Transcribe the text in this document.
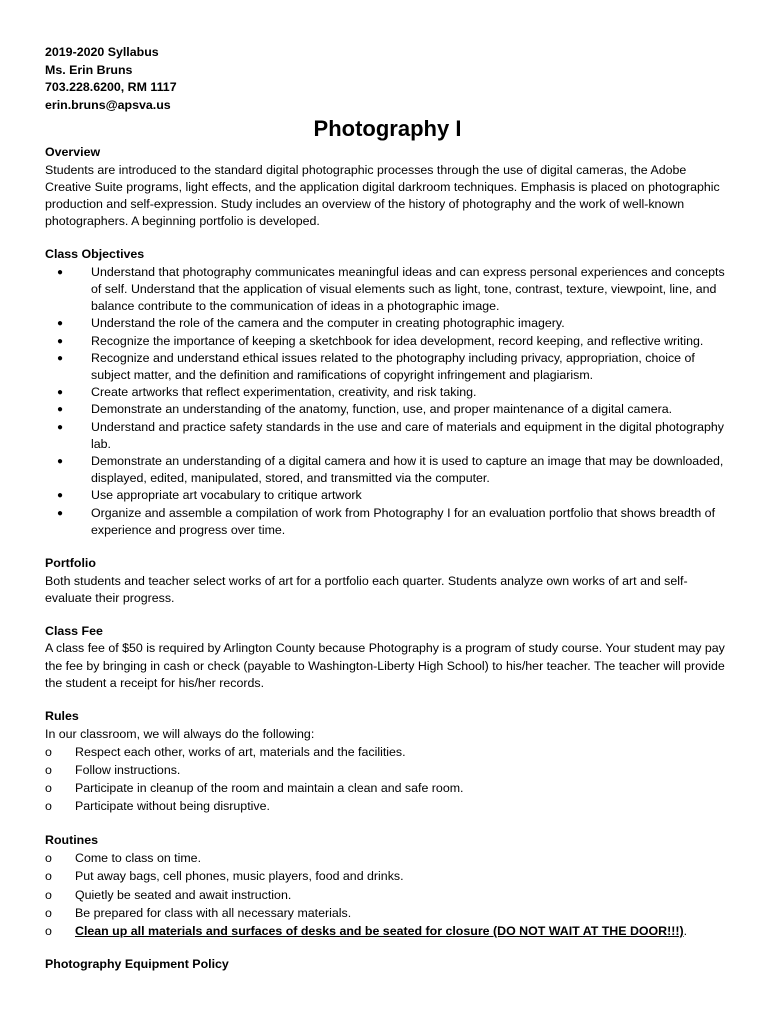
2019-2020 Syllabus
Ms. Erin Bruns
703.228.6200, RM 1117
erin.bruns@apsva.us
Photography I
Overview
Students are introduced to the standard digital photographic processes through the use of digital cameras, the Adobe Creative Suite programs, light effects, and the application digital darkroom techniques. Emphasis is placed on photographic production and self-expression. Study includes an overview of the history of photography and the work of well-known photographers. A beginning portfolio is developed.
Class Objectives
● Understand that photography communicates meaningful ideas and can express personal experiences and concepts of self. Understand that the application of visual elements such as light, tone, contrast, texture, viewpoint, line, and balance contribute to the communication of ideas in a photographic image.
● Understand the role of the camera and the computer in creating photographic imagery.
● Recognize the importance of keeping a sketchbook for idea development, record keeping, and reflective writing.
● Recognize and understand ethical issues related to the photography including privacy, appropriation, choice of subject matter, and the definition and ramifications of copyright infringement and plagiarism.
● Create artworks that reflect experimentation, creativity, and risk taking.
● Demonstrate an understanding of the anatomy, function, use, and proper maintenance of a digital camera.
● Understand and practice safety standards in the use and care of materials and equipment in the digital photography lab.
● Demonstrate an understanding of a digital camera and how it is used to capture an image that may be downloaded, displayed, edited, manipulated, stored, and transmitted via the computer.
● Use appropriate art vocabulary to critique artwork
● Organize and assemble a compilation of work from Photography I for an evaluation portfolio that shows breadth of experience and progress over time.
Portfolio
Both students and teacher select works of art for a portfolio each quarter. Students analyze own works of art and self-evaluate their progress.
Class Fee
A class fee of $50 is required by Arlington County because Photography is a program of study course. Your student may pay the fee by bringing in cash or check (payable to Washington-Liberty High School) to his/her teacher. The teacher will provide the student a receipt for his/her records.
Rules
In our classroom, we will always do the following:
o Respect each other, works of art, materials and the facilities.
o Follow instructions.
o Participate in cleanup of the room and maintain a clean and safe room.
o Participate without being disruptive.
Routines
o Come to class on time.
o Put away bags, cell phones, music players, food and drinks.
o Quietly be seated and await instruction.
o Be prepared for class with all necessary materials.
o Clean up all materials and surfaces of desks and be seated for closure (DO NOT WAIT AT THE DOOR!!!).
Photography Equipment Policy
